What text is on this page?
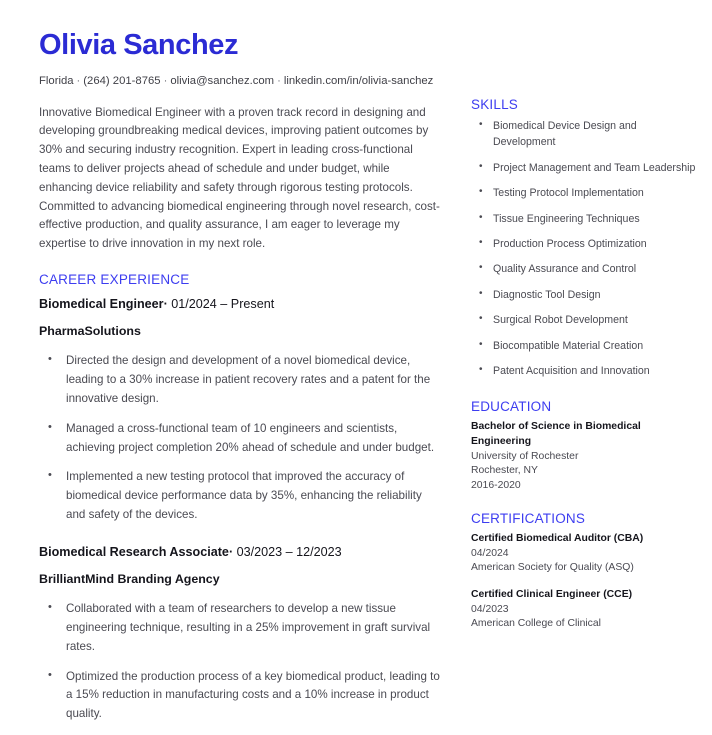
Olivia Sanchez
Florida · (264) 201-8765 · olivia@sanchez.com · linkedin.com/in/olivia-sanchez
Innovative Biomedical Engineer with a proven track record in designing and developing groundbreaking medical devices, improving patient outcomes by 30% and securing industry recognition. Expert in leading cross-functional teams to deliver projects ahead of schedule and under budget, while enhancing device reliability and safety through rigorous testing protocols. Committed to advancing biomedical engineering through novel research, cost-effective production, and quality assurance, I am eager to leverage my expertise to drive innovation in my next role.
CAREER EXPERIENCE
Biomedical Engineer· 01/2024 – Present
PharmaSolutions
• Directed the design and development of a novel biomedical device, leading to a 30% increase in patient recovery rates and a patent for the innovative design.
• Managed a cross-functional team of 10 engineers and scientists, achieving project completion 20% ahead of schedule and under budget.
• Implemented a new testing protocol that improved the accuracy of biomedical device performance data by 35%, enhancing the reliability and safety of the devices.
Biomedical Research Associate· 03/2023 – 12/2023
BrilliantMind Branding Agency
• Collaborated with a team of researchers to develop a new tissue engineering technique, resulting in a 25% improvement in graft survival rates.
• Optimized the production process of a key biomedical product, leading to a 15% reduction in manufacturing costs and a 10% increase in product quality.
SKILLS
• Biomedical Device Design and Development
• Project Management and Team Leadership
• Testing Protocol Implementation
• Tissue Engineering Techniques
• Production Process Optimization
• Quality Assurance and Control
• Diagnostic Tool Design
• Surgical Robot Development
• Biocompatible Material Creation
• Patent Acquisition and Innovation
EDUCATION
Bachelor of Science in Biomedical Engineering
University of Rochester
Rochester, NY
2016-2020
CERTIFICATIONS
Certified Biomedical Auditor (CBA)
04/2024
American Society for Quality (ASQ)
Certified Clinical Engineer (CCE)
04/2023
American College of Clinical
